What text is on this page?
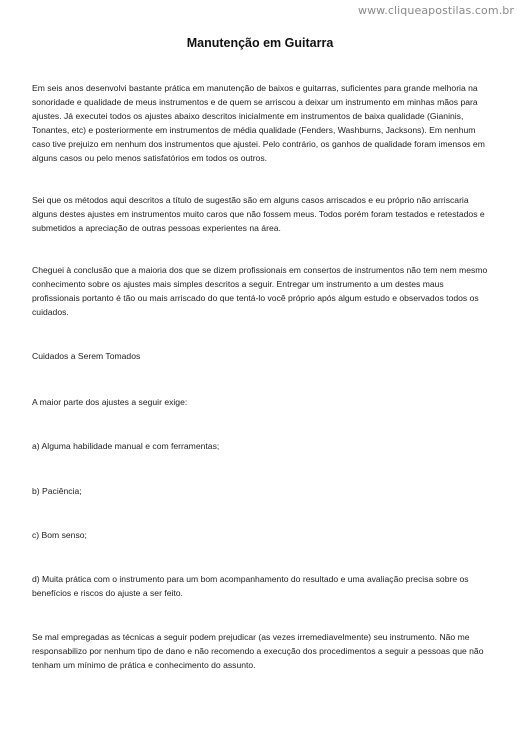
www.cliqueapostilas.com.br
Manutenção em Guitarra

Em seis anos desenvolvi bastante prática em manutenção de baixos e guitarras, suficientes para grande melhoria na sonoridade e qualidade de meus instrumentos e de quem se arriscou a deixar um instrumento em minhas mãos para ajustes. Já executei todos os ajustes abaixo descritos inicialmente em instrumentos de baixa qualidade (Gianinis, Tonantes, etc) e posteriormente em instrumentos de média qualidade (Fenders, Washburns, Jacksons). Em nenhum caso tive prejuizo em nenhum dos instrumentos que ajustei. Pelo contrário, os ganhos de qualidade foram imensos em alguns casos ou pelo menos satisfatórios em todos os outros.

Sei que os métodos aqui descritos a título de sugestão são em alguns casos arriscados e eu próprio não arriscaria alguns destes ajustes em instrumentos muito caros que não fossem meus. Todos porém foram testados e retestados e submetidos a apreciação de outras pessoas experientes na área.

Cheguei à conclusão que a maioria dos que se dizem profissionais em consertos de instrumentos não tem nem mesmo conhecimento sobre os ajustes mais simples descritos a seguir. Entregar um instrumento a um destes maus profissionais portanto é tão ou mais arriscado do que tentá-lo você próprio após algum estudo e observados todos os cuidados.

Cuidados a Serem Tomados

A maior parte dos ajustes a seguir exige:

a) Alguma habilidade manual e com ferramentas;

b) Paciência;

c) Bom senso;

d) Muita prática com o instrumento para um bom acompanhamento do resultado e uma avaliação precisa sobre os benefícios e riscos do ajuste a ser feito.

Se mal empregadas as técnicas a seguir podem prejudicar (as vezes irremediavelmente) seu instrumento. Não me responsabilizo por nenhum tipo de dano e não recomendo a execução dos procedimentos a seguir a pessoas que não tenham um mínimo de prática e conhecimento do assunto.
